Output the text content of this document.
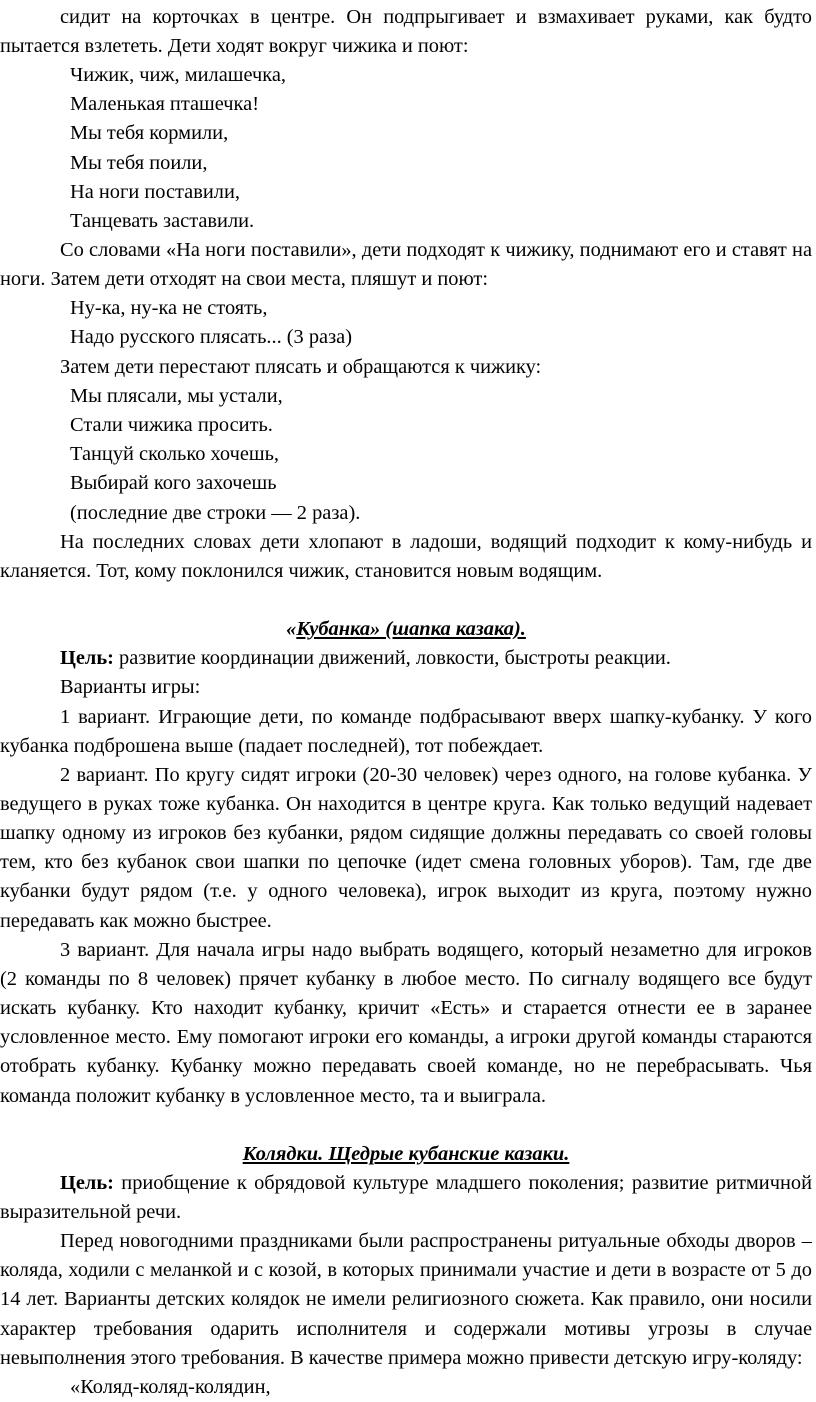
сидит на корточках в центре. Он подпрыгивает и взмахивает руками, как будто пытается взлететь. Дети ходят вокруг чижика и поют:

Чижик, чиж, милашечка,
Маленькая пташечка!
Мы тебя кормили,
Мы тебя поили,
На ноги поставили,
Танцевать заставили.

Со словами «На ноги поставили», дети подходят к чижику, поднимают его и ставят на ноги. Затем дети отходят на свои места, пляшут и поют:

Ну-ка, ну-ка не стоять,
Надо русского плясать... (3 раза)

Затем дети перестают плясать и обращаются к чижику:

Мы плясали, мы устали,
Стали чижика просить.
Танцуй сколько хочешь,
Выбирай кого захочешь
(последние две строки — 2 раза).

На последних словах дети хлопают в ладоши, водящий подходит к кому-нибудь и кланяется. Тот, кому поклонился чижик, становится новым водящим.

«Кубанка» (шапка казака).

Цель: развитие координации движений, ловкости, быстроты реакции.

Варианты игры:

1 вариант. Играющие дети, по команде подбрасывают вверх шапку-кубанку. У кого кубанка подброшена выше (падает последней), тот побеждает.

2 вариант. По кругу сидят игроки (20-30 человек) через одного, на голове кубанка. У ведущего в руках тоже кубанка. Он находится в центре круга. Как только ведущий надевает шапку одному из игроков без кубанки, рядом сидящие должны передавать со своей головы тем, кто без кубанок свои шапки по цепочке (идет смена головных уборов). Там, где две кубанки будут рядом (т.е. у одного человека), игрок выходит из круга, поэтому нужно передавать как можно быстрее.

3 вариант. Для начала игры надо выбрать водящего, который незаметно для игроков (2 команды по 8 человек) прячет кубанку в любое место. По сигналу водящего все будут искать кубанку. Кто находит кубанку, кричит «Есть» и старается отнести ее в заранее условленное место. Ему помогают игроки его команды, а игроки другой команды стараются отобрать кубанку. Кубанку можно передавать своей команде, но не перебрасывать. Чья команда положит кубанку в условленное место, та и выиграла.

Колядки. Щедрые кубанские казаки.

Цель: приобщение к обрядовой культуре младшего поколения; развитие ритмичной выразительной речи.

Перед новогодними праздниками были распространены ритуальные обходы дворов – коляда, ходили с меланкой и с козой, в которых принимали участие и дети в возрасте от 5 до 14 лет. Варианты детских колядок не имели религиозного сюжета. Как правило, они носили характер требования одарить исполнителя и содержали мотивы угрозы в случае невыполнения этого требования. В качестве примера можно привести детскую игру-коляду:

«Коляд-коляд-колядин,
